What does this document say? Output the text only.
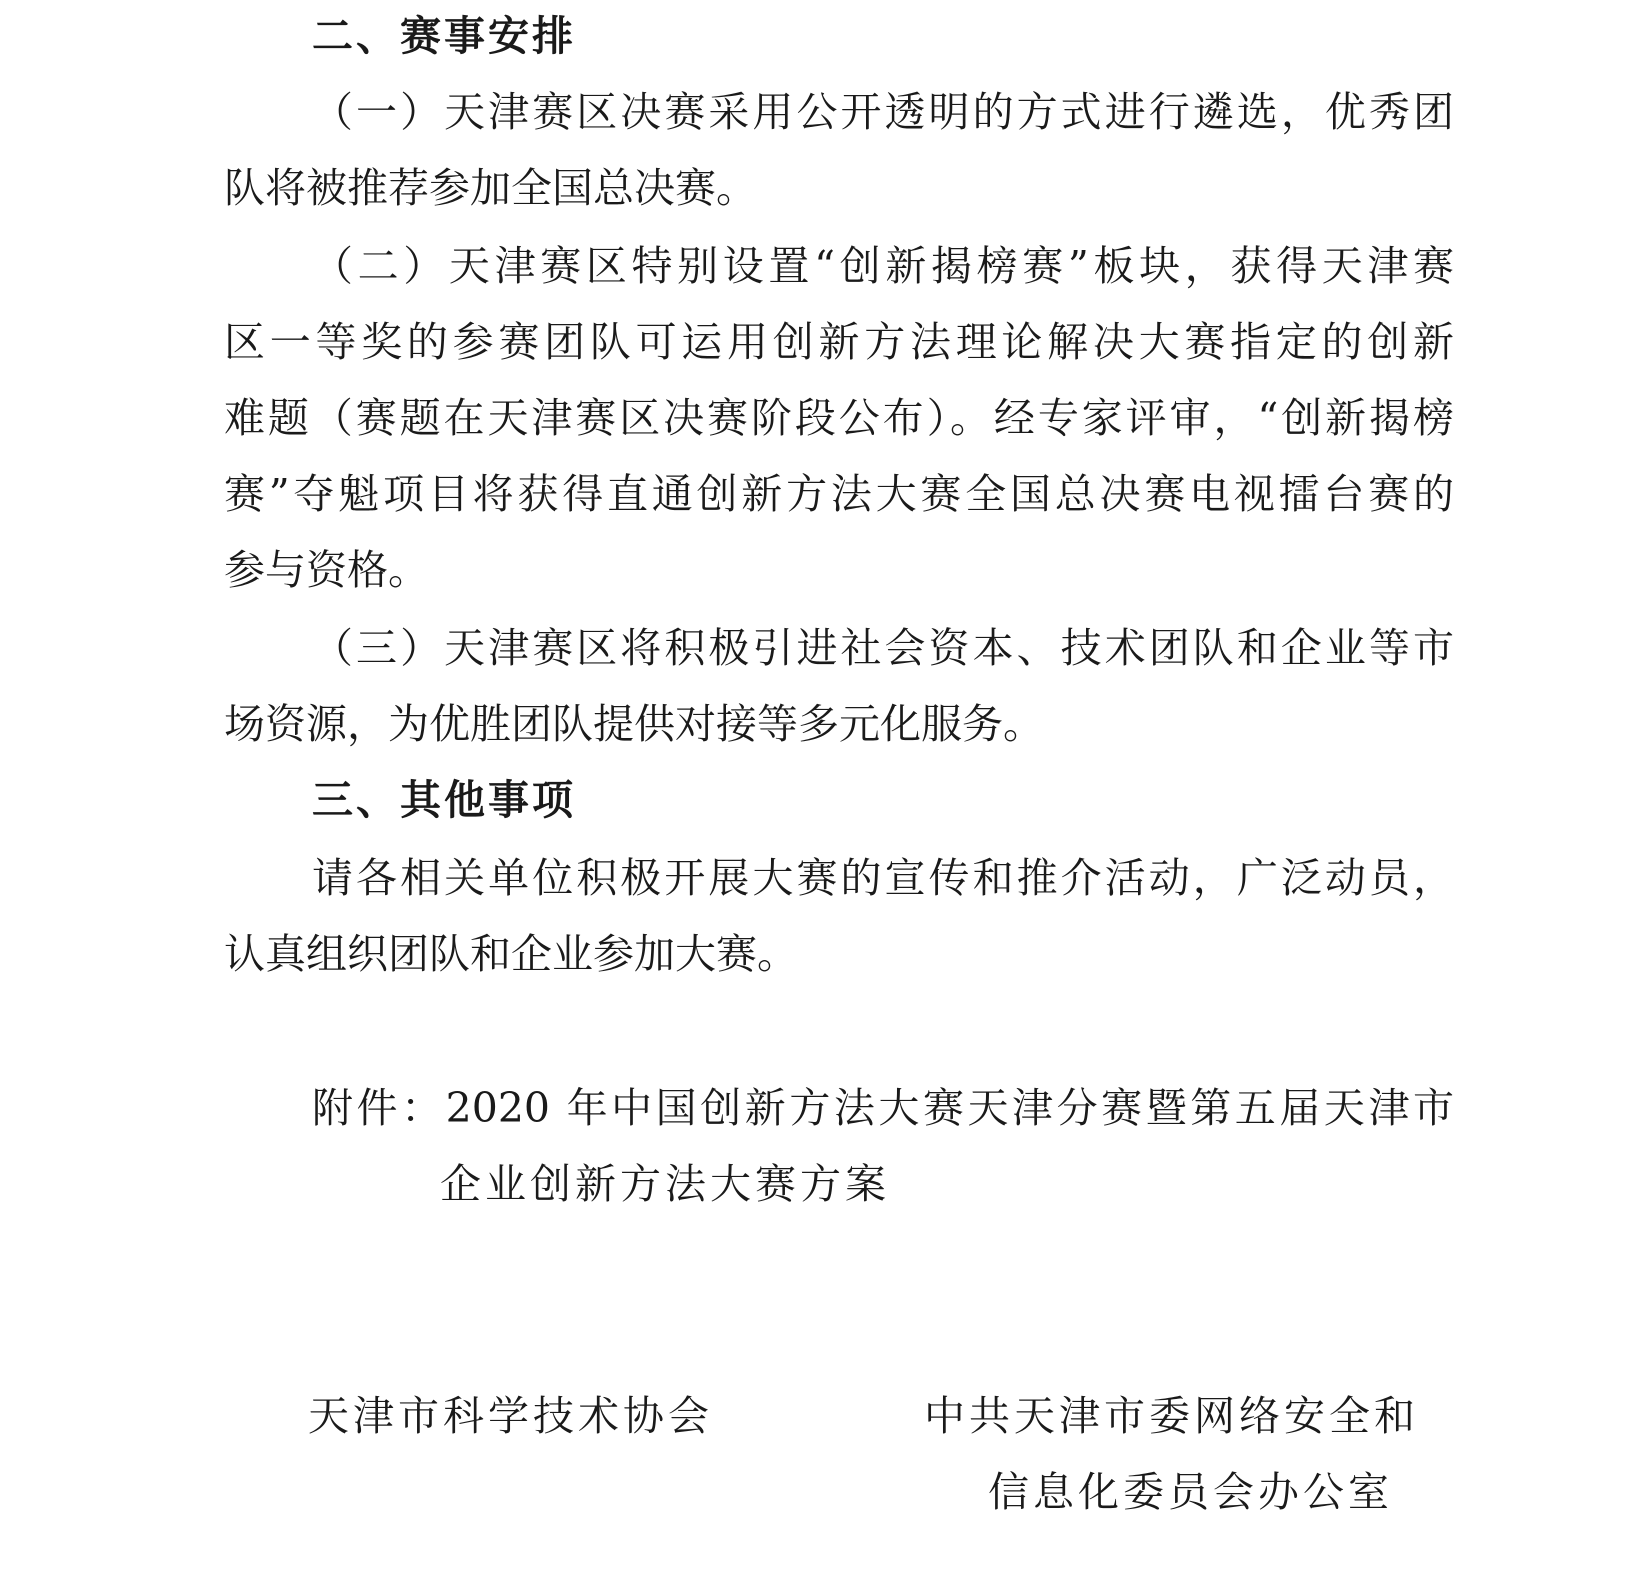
二、赛事安排
（一）天津赛区决赛采用公开透明的方式进行遴选，优秀团
队将被推荐参加全国总决赛。
（二）天津赛区特别设置“创新揭榜赛”板块，获得天津赛
区一等奖的参赛团队可运用创新方法理论解决大赛指定的创新
难题（赛题在天津赛区决赛阶段公布）。经专家评审，“创新揭榜
赛”夺魁项目将获得直通创新方法大赛全国总决赛电视擂台赛的
参与资格。
（三）天津赛区将积极引进社会资本、技术团队和企业等市
场资源，为优胜团队提供对接等多元化服务。
三、其他事项
请各相关单位积极开展大赛的宣传和推介活动，广泛动员，
认真组织团队和企业参加大赛。
附件：2020 年中国创新方法大赛天津分赛暨第五届天津市
企业创新方法大赛方案
天津市科学技术协会	中共天津市委网络安全和
信息化委员会办公室
